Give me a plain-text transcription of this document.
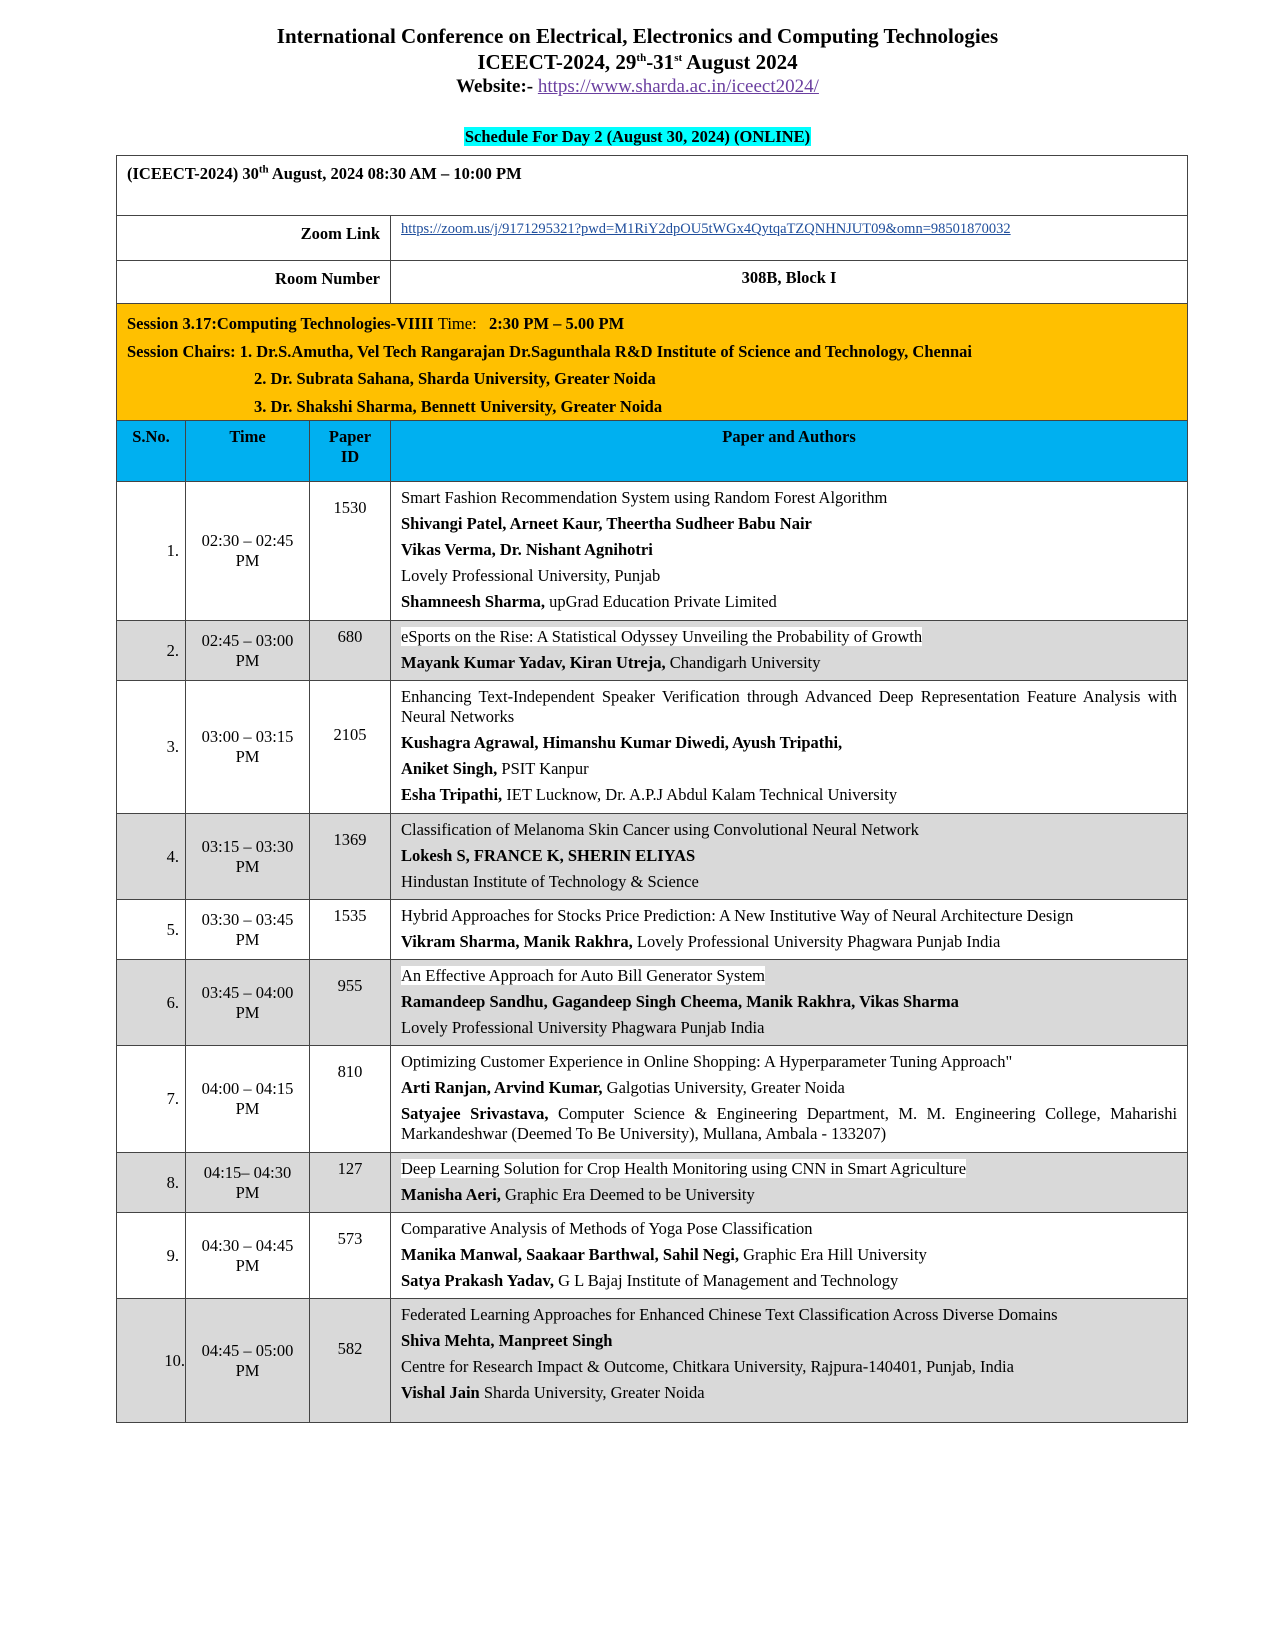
International Conference on Electrical, Electronics and Computing Technologies
ICEECT-2024, 29th-31st August 2024
Website:- https://www.sharda.ac.in/iceect2024/
Schedule For Day 2 (August 30, 2024) (ONLINE)
(ICEECT-2024) 30th August, 2024 08:30 AM – 10:00 PM			
Zoom Link			https://zoom.us/j/9171295321?pwd=M1RiY2dpOU5tWGx4QytqaTZQNHNJUT09&omn=98501870032
Room Number			308B, Block I
Session 3.17:Computing Technologies-VIIII Time: 2:30 PM – 5.00 PM
Session Chairs: 1. Dr.S.Amutha, Vel Tech Rangarajan Dr.Sagunthala R&D Institute of Science and Technology, Chennai
2. Dr. Subrata Sahana, Sharda University, Greater Noida
3. Dr. Shakshi Sharma, Bennett University, Greater Noida			

S.No.	Time	Paper ID	Paper and Authors
1.	02:30 – 02:45 PM	1530	Smart Fashion Recommendation System using Random Forest Algorithm
Shivangi Patel, Arneet Kaur, Theertha Sudheer Babu Nair
Vikas Verma, Dr. Nishant Agnihotri
Lovely Professional University, Punjab
Shamneesh Sharma, upGrad Education Private Limited

2.	02:45 – 03:00 PM	680	eSports on the Rise: A Statistical Odyssey Unveiling the Probability of Growth
Mayank Kumar Yadav, Kiran Utreja, Chandigarh University

3.	03:00 – 03:15 PM	2105	Enhancing Text-Independent Speaker Verification through Advanced Deep Representation Feature Analysis with Neural Networks
Kushagra Agrawal, Himanshu Kumar Diwedi, Ayush Tripathi,
Aniket Singh, PSIT Kanpur
Esha Tripathi, IET Lucknow, Dr. A.P.J Abdul Kalam Technical University

4.	03:15 – 03:30 PM	1369	Classification of Melanoma Skin Cancer using Convolutional Neural Network
Lokesh S, FRANCE K, SHERIN ELIYAS
Hindustan Institute of Technology & Science

5.	03:30 – 03:45 PM	1535	Hybrid Approaches for Stocks Price Prediction: A New Institutive Way of Neural Architecture Design
Vikram Sharma, Manik Rakhra, Lovely Professional University Phagwara Punjab India

6.	03:45 – 04:00 PM	955	An Effective Approach for Auto Bill Generator System
Ramandeep Sandhu, Gagandeep Singh Cheema, Manik Rakhra, Vikas Sharma
Lovely Professional University Phagwara Punjab India

7.	04:00 – 04:15 PM	810	Optimizing Customer Experience in Online Shopping: A Hyperparameter Tuning Approach"
Arti Ranjan, Arvind Kumar, Galgotias University, Greater Noida
Satyajee Srivastava, Computer Science & Engineering Department, M. M. Engineering College, Maharishi Markandeshwar (Deemed To Be University), Mullana, Ambala - 133207)

8.	04:15– 04:30 PM	127	Deep Learning Solution for Crop Health Monitoring using CNN in Smart Agriculture
Manisha Aeri, Graphic Era Deemed to be University

9.	04:30 – 04:45 PM	573	Comparative Analysis of Methods of Yoga Pose Classification
Manika Manwal, Saakaar Barthwal, Sahil Negi, Graphic Era Hill University
Satya Prakash Yadav, G L Bajaj Institute of Management and Technology

10.	04:45 – 05:00 PM	582	Federated Learning Approaches for Enhanced Chinese Text Classification Across Diverse Domains
Shiva Mehta, Manpreet Singh
Centre for Research Impact & Outcome, Chitkara University, Rajpura-140401, Punjab, India
Vishal Jain Sharda University, Greater Noida
